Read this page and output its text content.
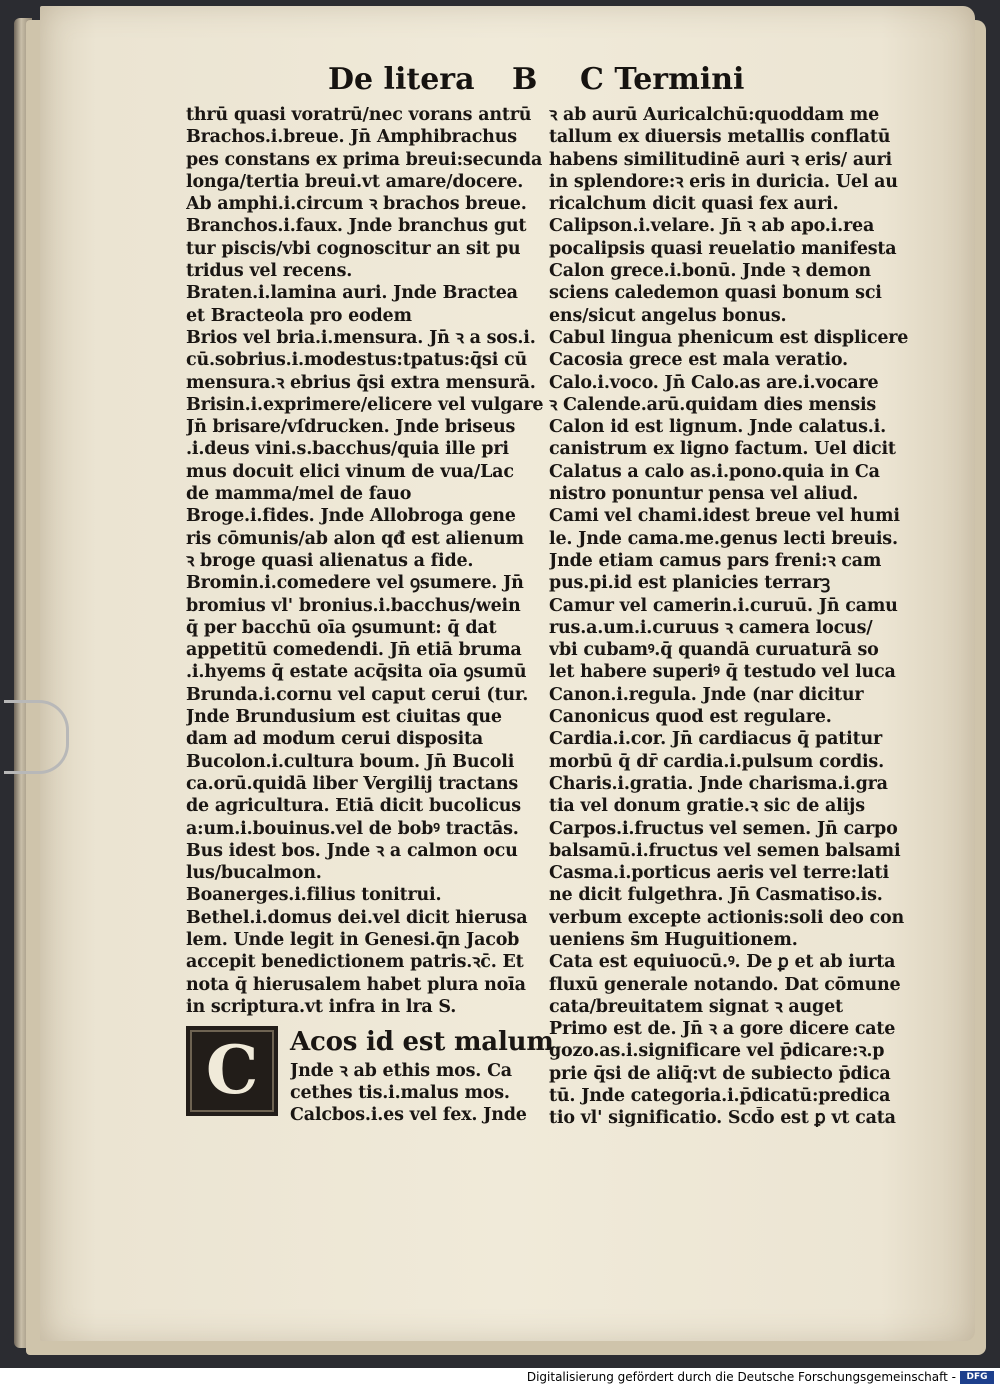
De litera B C Termini
thrū quasi voratrū/nec vorans antrū
Brachos.i.breue. Jn̄ Amphibrachus
pes constans ex prima breui:secunda
longa/tertia breui.vt amare/docere.
Ab amphi.i.circum ꝛ brachos breue.
Branchos.i.faux. Jnde branchus gut
tur piscis/vbi cognoscitur an sit pu
tridus vel recens.
Braten.i.lamina auri. Jnde Bractea
et Bracteola pro eodem
Brios vel bria.i.mensura. Jn̄ ꝛ a sos.i.
cū.sobrius.i.modestus:tpatus:q̄si cū
mensura.ꝛ ebrius q̄si extra mensurā.
Brisin.i.exprimere/elicere vel vulgare
Jn̄ brisare/vſdrucken. Jnde briseus
.i.deus vini.s.bacchus/quia ille pri
mus docuit elici vinum de vua/Lac
de mamma/mel de fauo
Broge.i.fides. Jnde Allobroga gene
ris cōmunis/ab alon qđ est alienum
ꝛ broge quasi alienatus a fide.
Bromin.i.comedere vel ꝯsumere. Jn̄
bromius vl' bronius.i.bacchus/wein
q̄ per bacchū oīa ꝯsumunt: q̄ dat
appetitū comedendi. Jn̄ etiā bruma
.i.hyems q̄ estate acq̄sita oīa ꝯsumū
Brunda.i.cornu vel caput cerui (tur.
Jnde Brundusium est ciuitas que
dam ad modum cerui disposita
Bucolon.i.cultura boum. Jn̄ Bucoli
ca.orū.quidā liber Vergilij tractans
de agricultura. Etiā dicit bucolicus
a:um.i.bouinus.vel de bobꝰ tractās.
Bus idest bos. Jnde ꝛ a calmon ocu
lus/bucalmon.
Boanerges.i.filius tonitrui.
Bethel.i.domus dei.vel dicit hierusa
lem. Unde legit in Genesi.q̄n Jacob
accepit benedictionem patris.ꝛc̄. Et
nota q̄ hierusalem habet plura noīa
in scriptura.vt infra in lra S.
C	Acos id est malum
Jnde ꝛ ab ethis mos. Ca
cethes tis.i.malus mos.
Calcbos.i.es vel fex. Jnde
ꝛ ab aurū Auricalchū:quoddam me
tallum ex diuersis metallis conflatū
habens similitudinē auri ꝛ eris/ auri
in splendore:ꝛ eris in duricia. Uel au
ricalchum dicit quasi fex auri.
Calipson.i.velare. Jn̄ ꝛ ab apo.i.rea
pocalipsis quasi reuelatio manifesta
Calon grece.i.bonū. Jnde ꝛ demon
sciens caledemon quasi bonum sci
ens/sicut angelus bonus.
Cabul lingua phenicum est displicere
Cacosia grece est mala veratio.
Calo.i.voco. Jn̄ Calo.as are.i.vocare
ꝛ Calende.arū.quidam dies mensis
Calon id est lignum. Jnde calatus.i.
canistrum ex ligno factum. Uel dicit
Calatus a calo as.i.pono.quia in Ca
nistro ponuntur pensa vel aliud.
Cami vel chami.idest breue vel humi
le. Jnde cama.me.genus lecti breuis.
Jnde etiam camus pars freni:ꝛ cam
pus.pi.id est planicies terrarꝫ
Camur vel camerin.i.curuū. Jn̄ camu
rus.a.um.i.curuus ꝛ camera locus/
vbi cubamꝰ.q̄ quandā curuaturā so
let habere superiꝰ q̄ testudo vel luca
Canon.i.regula. Jnde (nar dicitur
Canonicus quod est regulare.
Cardia.i.cor. Jn̄ cardiacus q̄ patitur
morbū q̄ dr̄ cardia.i.pulsum cordis.
Charis.i.gratia. Jnde charisma.i.gra
tia vel donum gratie.ꝛ sic de alijs
Carpos.i.fructus vel semen. Jn̄ carpo
balsamū.i.fructus vel semen balsami
Casma.i.porticus aeris vel terre:lati
ne dicit fulgethra. Jn̄ Casmatiso.is.
verbum excepte actionis:soli deo con
ueniens s̄m Huguitionem.
Cata est equiuocū.ꝰ. De ꝑ et ab iurta
fluxū generale notando. Dat cōmune
cata/breuitatem signat ꝛ auget
Primo est de. Jn̄ ꝛ a gore dicere cate
gozo.as.i.significare vel p̄dicare:ꝛ.p
prie q̄si de aliq̄:vt de subiecto p̄dica
tū. Jnde categoria.i.p̄dicatū:predica
tio vl' significatio. Scd̄o est ꝑ vt cata
Digitalisierung gefördert durch die Deutsche Forschungsgemeinschaft -	DFG
